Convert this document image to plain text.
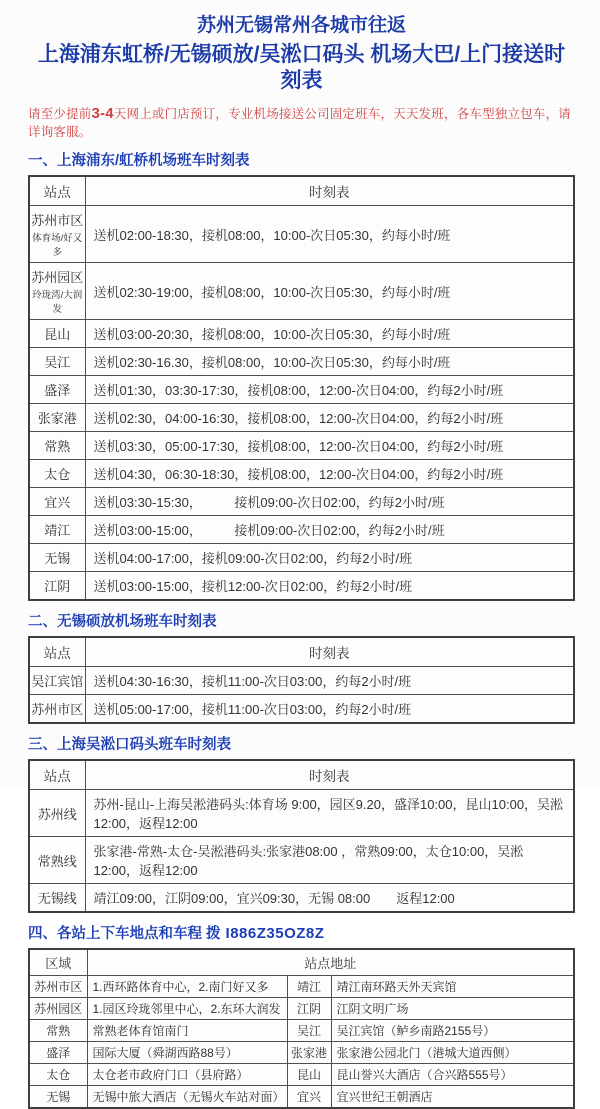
苏州无锡常州各城市往返
上海浦东虹桥/无锡硕放/吴淞口码头 机场大巴/上门接送时刻表
请至少提前3-4天网上或门店预订，专业机场接送公司固定班车，天天发班，各车型独立包车，请详询客服。
一、上海浦东/虹桥机场班车时刻表
站点	时刻表

苏州市区
体育场/好又多	送机02:00-18:30，接机08:00，10:00-次日05:30，约每小时/班

苏州园区
玲珑湾/大润发	送机02:30-19:00，接机08:00，10:00-次日05:30，约每小时/班

昆山	送机03:00-20:30，接机08:00，10:00-次日05:30，约每小时/班

吴江	送机02:30-16.30，接机08:00，10:00-次日05:30，约每小时/班

盛泽	送机01:30，03:30-17:30，接机08:00，12:00-次日04:00，约每2小时/班

张家港	送机02:30，04:00-16:30，接机08:00，12:00-次日04:00，约每2小时/班

常熟	送机03:30，05:00-17:30，接机08:00，12:00-次日04:00，约每2小时/班

太仓	送机04:30，06:30-18:30，接机08:00，12:00-次日04:00，约每2小时/班

宜兴	送机03:30-15:30，　　　接机09:00-次日02:00，约每2小时/班

靖江	送机03:00-15:00，　　　接机09:00-次日02:00，约每2小时/班

无锡	送机04:00-17:00，接机09:00-次日02:00，约每2小时/班

江阴	送机03:00-15:00，接机12:00-次日02:00，约每2小时/班
二、无锡硕放机场班车时刻表
站点	时刻表

吴江宾馆	送机04:30-16:30，接机11:00-次日03:00，约每2小时/班

苏州市区	送机05:00-17:00，接机11:00-次日03:00，约每2小时/班
三、上海吴淞口码头班车时刻表
站点	时刻表

苏州线	苏州-昆山-上海吴淞港码头:体育场 9:00，园区9.20，盛泽10:00，昆山10:00，吴淞12:00，返程12:00

常熟线	张家港-常熟-太仓-吴淞港码头:张家港08:00 ，常熟09:00，太仓10:00，吴淞12:00，返程12:00

无锡线	靖江09:00，江阴09:00，宜兴09:30，无锡 08:00　　返程12:00
四、各站上下车地点和车程 拨 I886Z35OZ8Z
区域	站点地址		
苏州市区	1.西环路体育中心，2.南门好又多	靖江	靖江南环路天外天宾馆
苏州园区	1.园区玲珑邻里中心，2.东环大润发	江阴	江阴文明广场
常熟	常熟老体育馆南门	吴江	吴江宾馆（鲈乡南路2155号）
盛泽	国际大厦（舜湖西路88号）	张家港	张家港公园北门（港城大道西侧）
太仓	太仓老市政府门口（县府路）	昆山	昆山誉兴大酒店（合兴路555号）
无锡	无锡中旅大酒店（无锡火车站对面）	宜兴	宜兴世纪王朝酒店
